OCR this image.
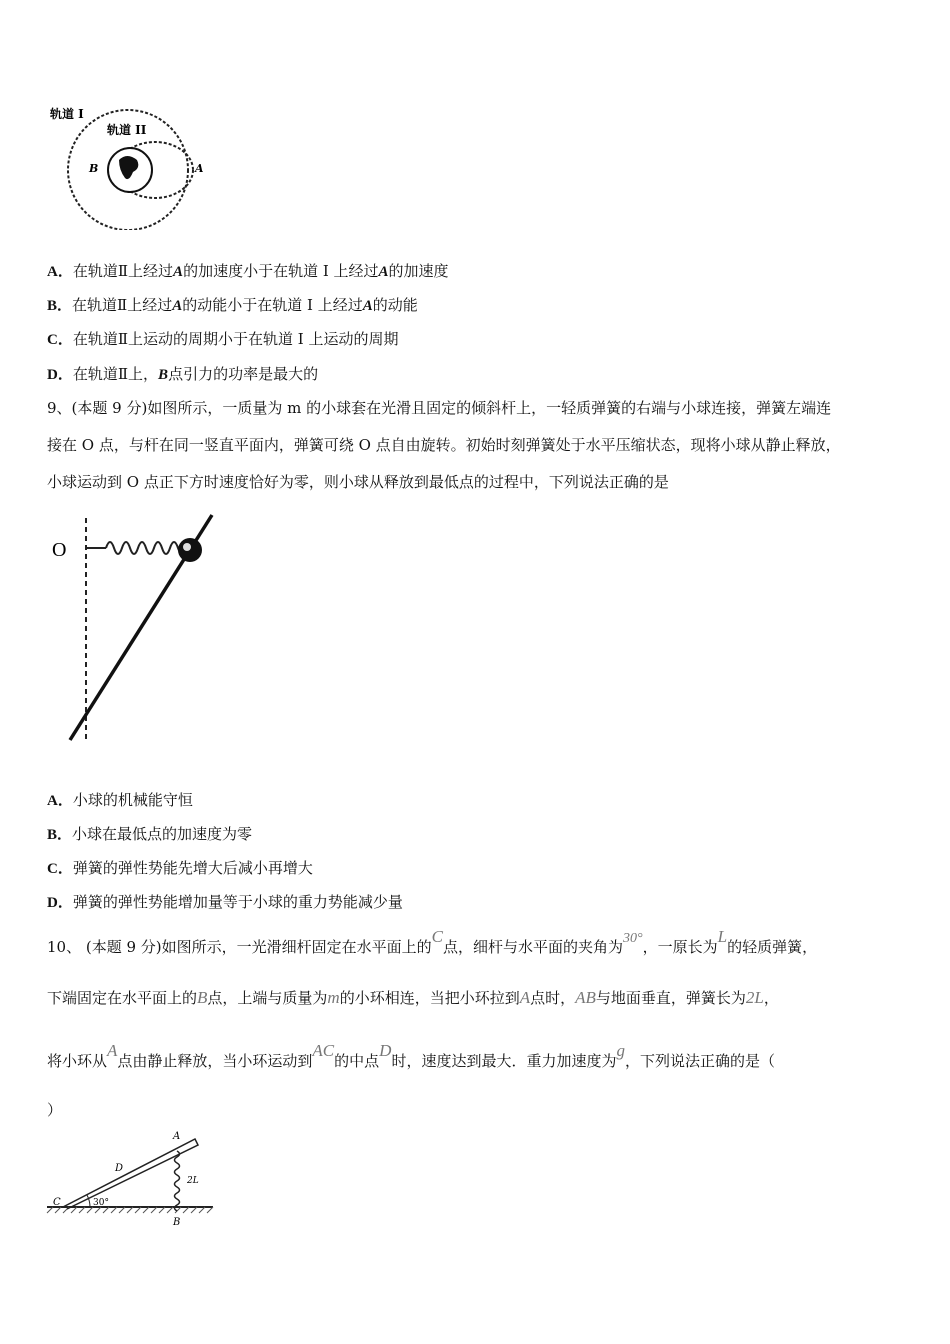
轨道 I
轨道 II
B	A
A．在轨道Ⅱ上经过A的加速度小于在轨道 I 上经过A的加速度
B．在轨道Ⅱ上经过A的动能小于在轨道 I 上经过A的动能
C．在轨道Ⅱ上运动的周期小于在轨道 I 上运动的周期
D．在轨道Ⅱ上，B点引力的功率是最大的
9、(本题 9 分)如图所示，一质量为 m 的小球套在光滑且固定的倾斜杆上，一轻质弹簧的右端与小球连接，弹簧左端连
接在 O 点，与杆在同一竖直平面内，弹簧可绕 O 点自由旋转。初始时刻弹簧处于水平压缩状态，现将小球从静止释放，
小球运动到 O 点正下方时速度恰好为零，则小球从释放到最低点的过程中，下列说法正确的是
O
A．小球的机械能守恒
B．小球在最低点的加速度为零
C．弹簧的弹性势能先增大后减小再增大
D．弹簧的弹性势能增加量等于小球的重力势能减少量
10、 (本题 9 分)如图所示，一光滑细杆固定在水平面上的C点，细杆与水平面的夹角为30°，一原长为L的轻质弹簧，
下端固定在水平面上的B点，上端与质量为m的小环相连，当把小环拉到A点时，AB与地面垂直，弹簧长为2L，
将小环从A点由静止释放，当小环运动到AC的中点D时，速度达到最大．重力加速度为g，下列说法正确的是（
）
C	30°
D
A
2L
B
